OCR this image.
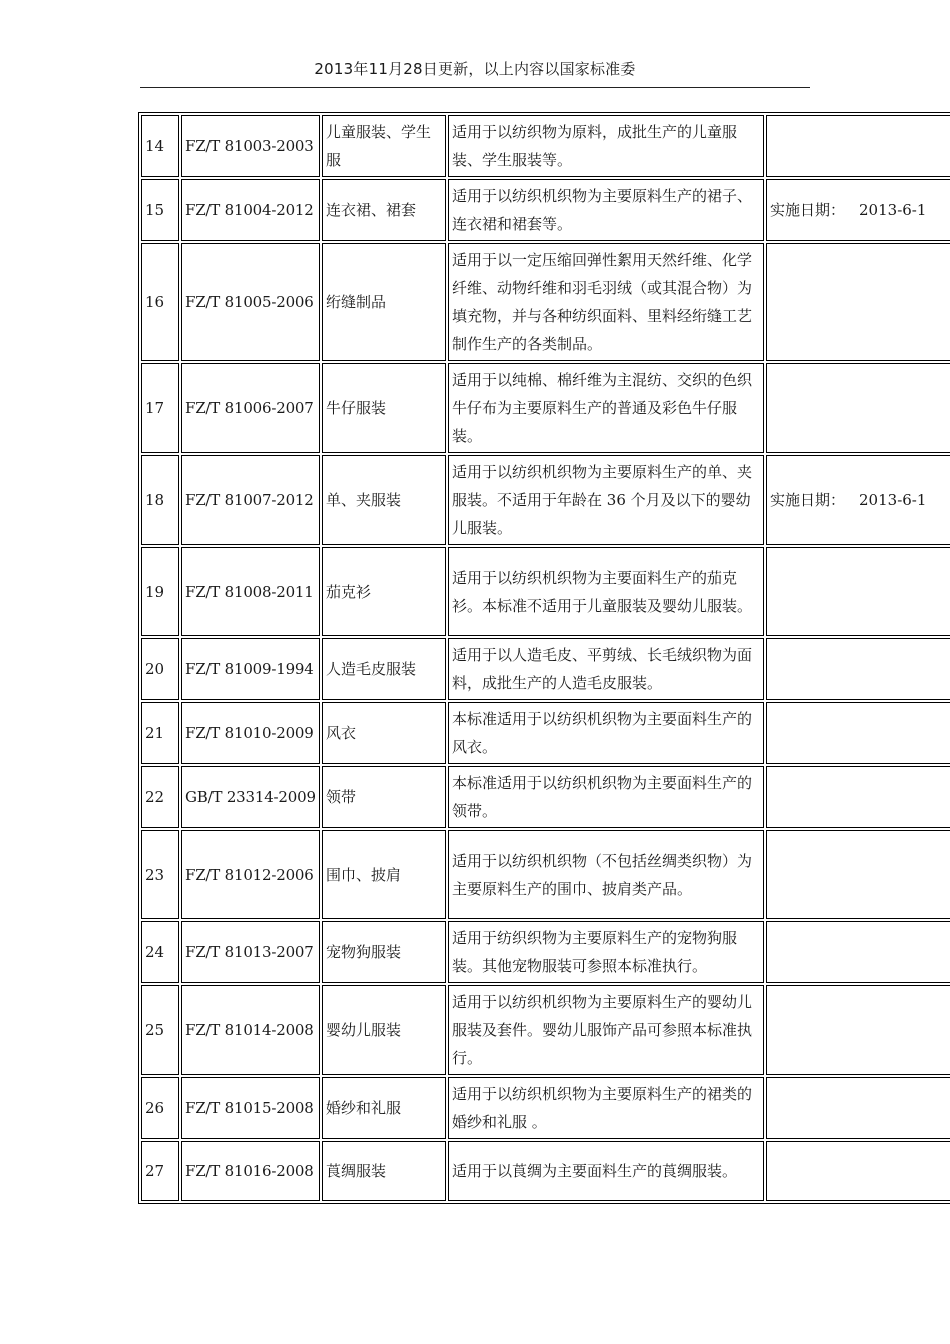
2013年11月28日更新，以上内容以国家标准委
14	FZ/T 81003-2003	儿童服装、学生服	适用于以纺织物为原料，成批生产的儿童服装、学生服装等。	
15	FZ/T 81004-2012	连衣裙、裙套	适用于以纺织机织物为主要原料生产的裙子、连衣裙和裙套等。	实施日期： 2013-6-1
16	FZ/T 81005-2006	绗缝制品	适用于以一定压缩回弹性絮用天然纤维、化学纤维、动物纤维和羽毛羽绒（或其混合物）为填充物，并与各种纺织面料、里料经绗缝工艺制作生产的各类制品。	
17	FZ/T 81006-2007	牛仔服装	适用于以纯棉、棉纤维为主混纺、交织的色织牛仔布为主要原料生产的普通及彩色牛仔服装。	
18	FZ/T 81007-2012	单、夹服装	适用于以纺织机织物为主要原料生产的单、夹服装。不适用于年龄在 36 个月及以下的婴幼儿服装。	实施日期： 2013-6-1
19	FZ/T 81008-2011	茄克衫	适用于以纺织机织物为主要面料生产的茄克衫。本标准不适用于儿童服装及婴幼儿服装。	
20	FZ/T 81009-1994	人造毛皮服装	适用于以人造毛皮、平剪绒、长毛绒织物为面料，成批生产的人造毛皮服装。	
21	FZ/T 81010-2009	风衣	本标准适用于以纺织机织物为主要面料生产的风衣。	
22	GB/T 23314-2009	领带	本标准适用于以纺织机织物为主要面料生产的领带。	
23	FZ/T 81012-2006	围巾、披肩	适用于以纺织机织物（不包括丝绸类织物）为主要原料生产的围巾、披肩类产品。	
24	FZ/T 81013-2007	宠物狗服装	适用于纺织织物为主要原料生产的宠物狗服装。其他宠物服装可参照本标准执行。	
25	FZ/T 81014-2008	婴幼儿服装	适用于以纺织机织物为主要原料生产的婴幼儿服装及套件。婴幼儿服饰产品可参照本标准执行。	
26	FZ/T 81015-2008	婚纱和礼服	适用于以纺织机织物为主要原料生产的裙类的婚纱和礼服 。	
27	FZ/T 81016-2008	莨绸服装	适用于以莨绸为主要面料生产的莨绸服装。	
